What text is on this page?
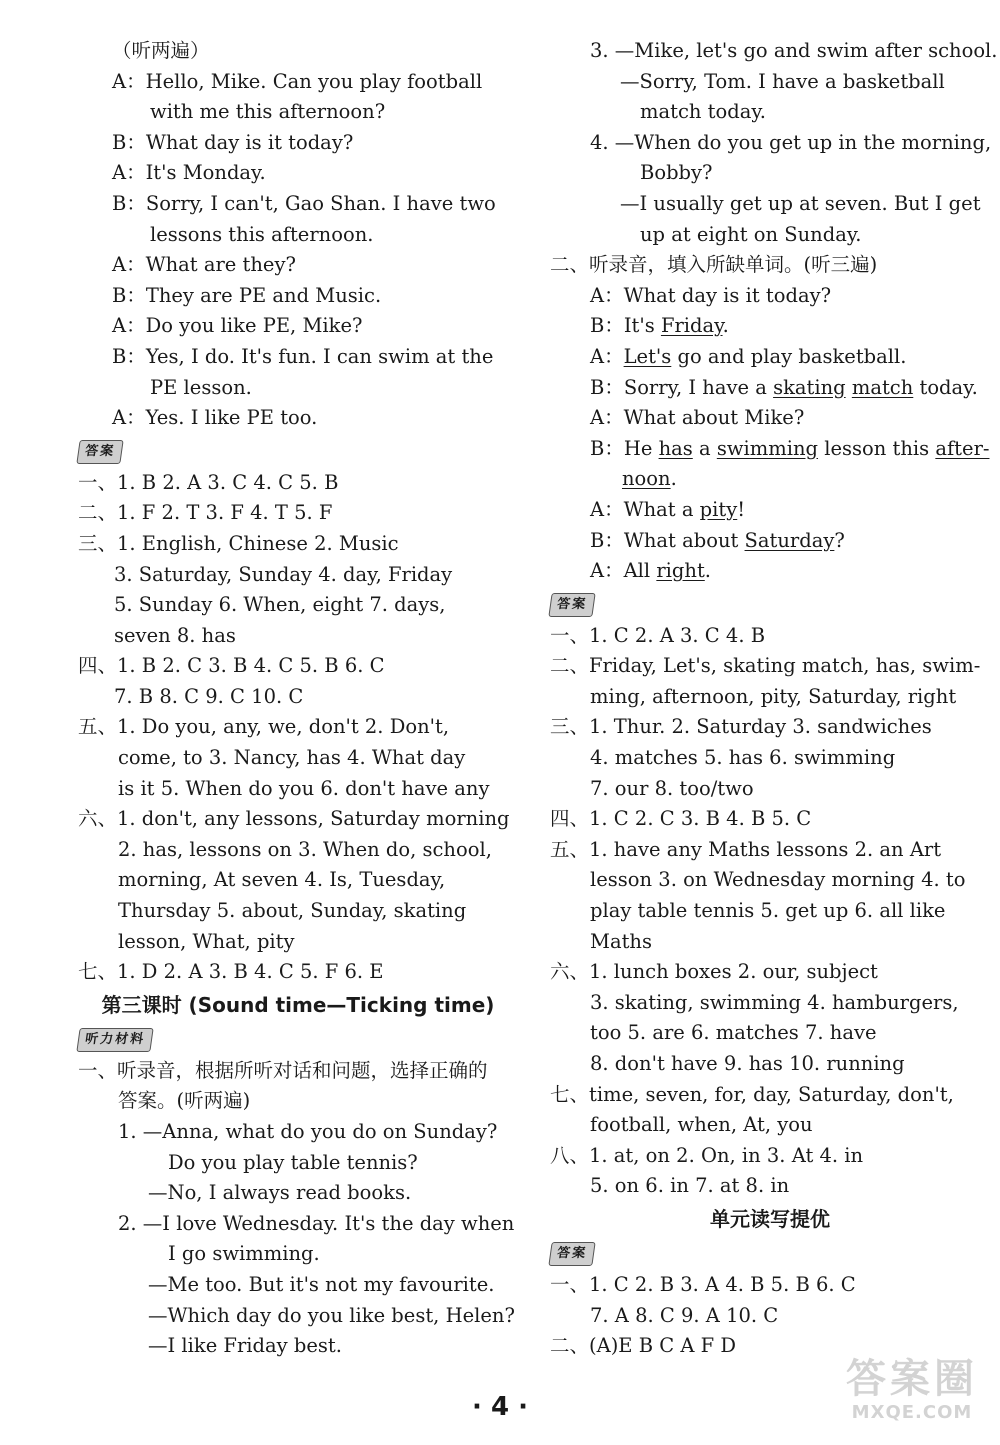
（听两遍）
A：Hello, Mike. Can you play football
with me this afternoon?
B：What day is it today?
A：It's Monday.
B：Sorry, I can't, Gao Shan. I have two
lessons this afternoon.
A：What are they?
B：They are PE and Music.
A：Do you like PE, Mike?
B：Yes, I do. It's fun. I can swim at the
PE lesson.
A：Yes. I like PE too.
答案
一、1. B 2. A 3. C 4. C 5. B
二、1. F 2. T 3. F 4. T 5. F
三、1. English, Chinese 2. Music
3. Saturday, Sunday 4. day, Friday
5. Sunday 6. When, eight 7. days,
seven 8. has
四、1. B 2. C 3. B 4. C 5. B 6. C
7. B 8. C 9. C 10. C
五、1. Do you, any, we, don't 2. Don't,
come, to 3. Nancy, has 4. What day
is it 5. When do you 6. don't have any
六、1. don't, any lessons, Saturday morning
2. has, lessons on 3. When do, school,
morning, At seven 4. Is, Tuesday,
Thursday 5. about, Sunday, skating
lesson, What, pity
七、1. D 2. A 3. B 4. C 5. F 6. E
第三课时 (Sound time—Ticking time)
听力材料
一、听录音，根据所听对话和问题，选择正确的
答案。(听两遍)
1. —Anna, what do you do on Sunday?
Do you play table tennis?
—No, I always read books.
2. —I love Wednesday. It's the day when
I go swimming.
—Me too. But it's not my favourite.
—Which day do you like best, Helen?
—I like Friday best.
3. —Mike, let's go and swim after school.
—Sorry, Tom. I have a basketball
match today.
4. —When do you get up in the morning,
Bobby?
—I usually get up at seven. But I get
up at eight on Sunday.
二、听录音，填入所缺单词。(听三遍)
A：What day is it today?
B：It's Friday.
A：Let's go and play basketball.
B：Sorry, I have a skating match today.
A：What about Mike?
B：He has a swimming lesson this after-
noon.
A：What a pity!
B：What about Saturday?
A：All right.
答案
一、1. C 2. A 3. C 4. B
二、Friday, Let's, skating match, has, swim-
ming, afternoon, pity, Saturday, right
三、1. Thur. 2. Saturday 3. sandwiches
4. matches 5. has 6. swimming
7. our 8. too/two
四、1. C 2. C 3. B 4. B 5. C
五、1. have any Maths lessons 2. an Art
lesson 3. on Wednesday morning 4. to
play table tennis 5. get up 6. all like
Maths
六、1. lunch boxes 2. our, subject
3. skating, swimming 4. hamburgers,
too 5. are 6. matches 7. have
8. don't have 9. has 10. running
七、time, seven, for, day, Saturday, don't,
football, when, At, you
八、1. at, on 2. On, in 3. At 4. in
5. on 6. in 7. at 8. in
单元读写提优
答案
一、1. C 2. B 3. A 4. B 5. B 6. C
7. A 8. C 9. A 10. C
二、(A)E B C A F D
· 4 ·
答案圈
MXQE.COM
